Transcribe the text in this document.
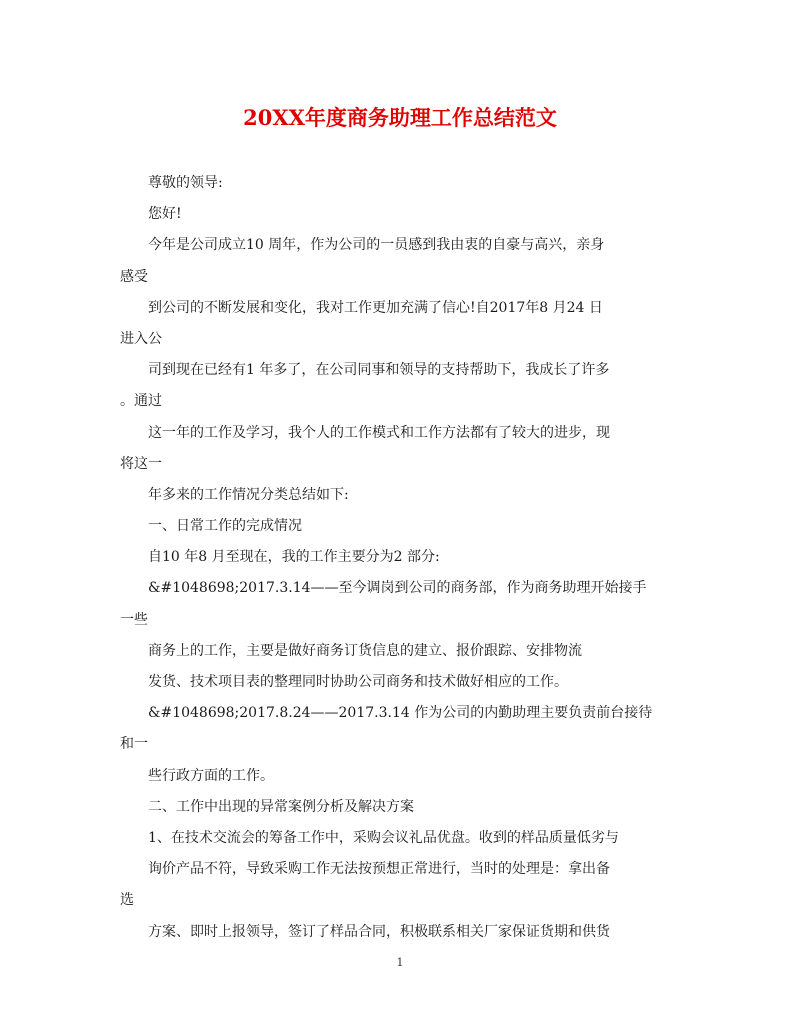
20XX年度商务助理工作总结范文
尊敬的领导:
您好!
今年是公司成立10 周年，作为公司的一员感到我由衷的自豪与高兴，亲身
感受
到公司的不断发展和变化，我对工作更加充满了信心!自2017年8 月24 日
进入公
司到现在已经有1 年多了，在公司同事和领导的支持帮助下，我成长了许多
。通过
这一年的工作及学习，我个人的工作模式和工作方法都有了较大的进步，现
将这一
年多来的工作情况分类总结如下:
一、日常工作的完成情况
自10 年8 月至现在，我的工作主要分为2 部分:
&#1048698;2017.3.14——至今调岗到公司的商务部，作为商务助理开始接手
一些
商务上的工作，主要是做好商务订货信息的建立、报价跟踪、安排物流
发货、技术项目表的整理同时协助公司商务和技术做好相应的工作。
&#1048698;2017.8.24——2017.3.14 作为公司的内勤助理主要负责前台接待
和一
些行政方面的工作。
二、工作中出现的异常案例分析及解决方案
1、在技术交流会的筹备工作中，采购会议礼品优盘。收到的样品质量低劣与
询价产品不符，导致采购工作无法按预想正常进行，当时的处理是：拿出备
选
方案、即时上报领导，签订了样品合同，积极联系相关厂家保证货期和供货
1
